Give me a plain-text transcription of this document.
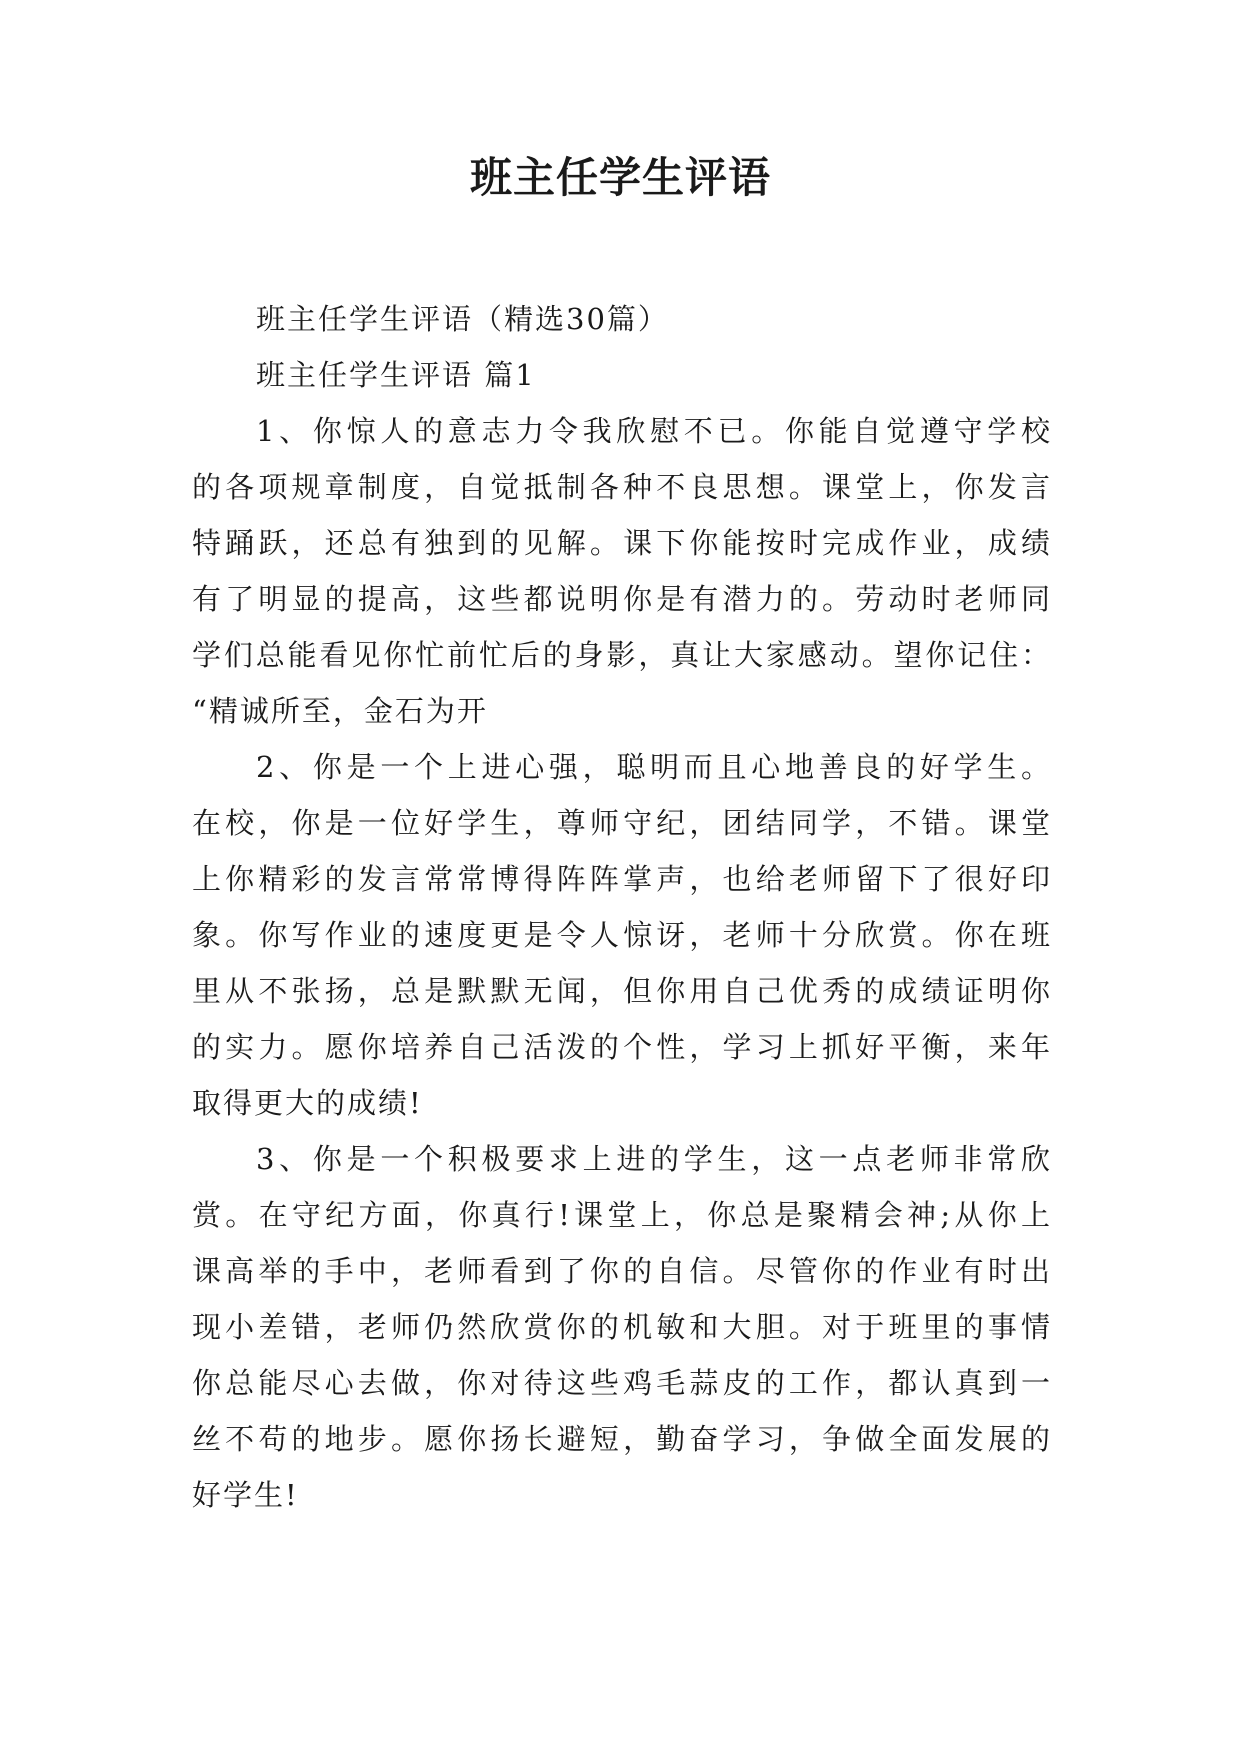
班主任学生评语
班主任学生评语（精选30篇）
班主任学生评语 篇1
1、你惊人的意志力令我欣慰不已。你能自觉遵守学校
的各项规章制度，自觉抵制各种不良思想。课堂上，你发言
特踊跃，还总有独到的见解。课下你能按时完成作业，成绩
有了明显的提高，这些都说明你是有潜力的。劳动时老师同
学们总能看见你忙前忙后的身影，真让大家感动。望你记住：
“精诚所至，金石为开
2、你是一个上进心强，聪明而且心地善良的好学生。
在校，你是一位好学生，尊师守纪，团结同学，不错。课堂
上你精彩的发言常常博得阵阵掌声，也给老师留下了很好印
象。你写作业的速度更是令人惊讶，老师十分欣赏。你在班
里从不张扬，总是默默无闻，但你用自己优秀的成绩证明你
的实力。愿你培养自己活泼的个性，学习上抓好平衡，来年
取得更大的成绩!
3、你是一个积极要求上进的学生，这一点老师非常欣
赏。在守纪方面，你真行!课堂上，你总是聚精会神;从你上
课高举的手中，老师看到了你的自信。尽管你的作业有时出
现小差错，老师仍然欣赏你的机敏和大胆。对于班里的事情
你总能尽心去做，你对待这些鸡毛蒜皮的工作，都认真到一
丝不苟的地步。愿你扬长避短，勤奋学习，争做全面发展的
好学生!
